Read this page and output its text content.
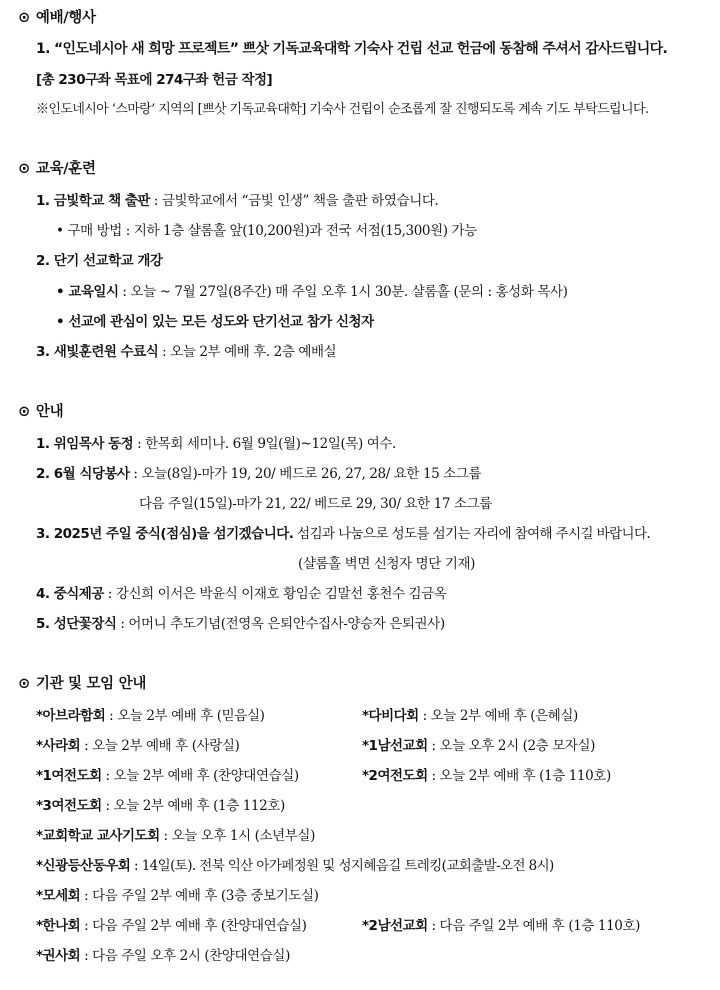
⊙ 예배/행사
1. “인도네시아 새 희망 프로젝트” 쁘삿 기독교육대학 기숙사 건립 선교 헌금에 동참해 주셔서 감사드립니다.
[총 230구좌 목표에 274구좌 헌금 작정]
※인도네시아 ‘스마랑’ 지역의 [쁘삿 기독교육대학] 기숙사 건립이 순조롭게 잘 진행되도록 계속 기도 부탁드립니다.
⊙ 교육/훈련
1. 금빛학교 책 출판 : 금빛학교에서 “금빛 인생” 책을 출판 하였습니다.
• 구매 방법 : 지하 1층 샬롬홀 앞(10,200원)과 전국 서점(15,300원) 가능
2. 단기 선교학교 개강
• 교육일시 : 오늘 ~ 7월 27일(8주간) 매 주일 오후 1시 30분. 샬롬홀 (문의 : 홍성화 목사)
• 선교에 관심이 있는 모든 성도와 단기선교 참가 신청자
3. 새빛훈련원 수료식 : 오늘 2부 예배 후. 2층 예배실
⊙ 안내
1. 위임목사 동정 : 한목회 세미나. 6월 9일(월)~12일(목) 여수.
2. 6월 식당봉사 : 오늘(8일)-마가 19, 20/ 베드로 26, 27, 28/ 요한 15 소그룹
다음 주일(15일)-마가 21, 22/ 베드로 29, 30/ 요한 17 소그룹
3. 2025년 주일 중식(점심)을 섬기겠습니다. 섬김과 나눔으로 성도를 섬기는 자리에 참여해 주시길 바랍니다.
(샬롬홀 벽면 신청자 명단 기재)
4. 중식제공 : 강신희 이서은 박윤식 이재호 황임순 김말선 홍천수 김금옥
5. 성단꽃장식 : 어머니 추도기념(전영옥 은퇴안수집사-양승자 은퇴권사)
⊙ 기관 및 모임 안내
*아브라함회 : 오늘 2부 예배 후 (믿음실)	*다비다회 : 오늘 2부 예배 후 (은혜실)
*사라회 : 오늘 2부 예배 후 (사랑실)	*1남선교회 : 오늘 오후 2시 (2층 모자실)
*1여전도회 : 오늘 2부 예배 후 (찬양대연습실)	*2여전도회 : 오늘 2부 예배 후 (1층 110호)
*3여전도회 : 오늘 2부 예배 후 (1층 112호)
*교회학교 교사기도회 : 오늘 오후 1시 (소년부실)
*신광등산동우회 : 14일(토). 전북 익산 아가페정원 및 성지혜음길 트레킹(교회출발-오전 8시)
*모세회 : 다음 주일 2부 예배 후 (3층 중보기도실)
*한나회 : 다음 주일 2부 예배 후 (찬양대연습실)	*2남선교회 : 다음 주일 2부 예배 후 (1층 110호)
*권사회 : 다음 주일 오후 2시 (찬양대연습실)
